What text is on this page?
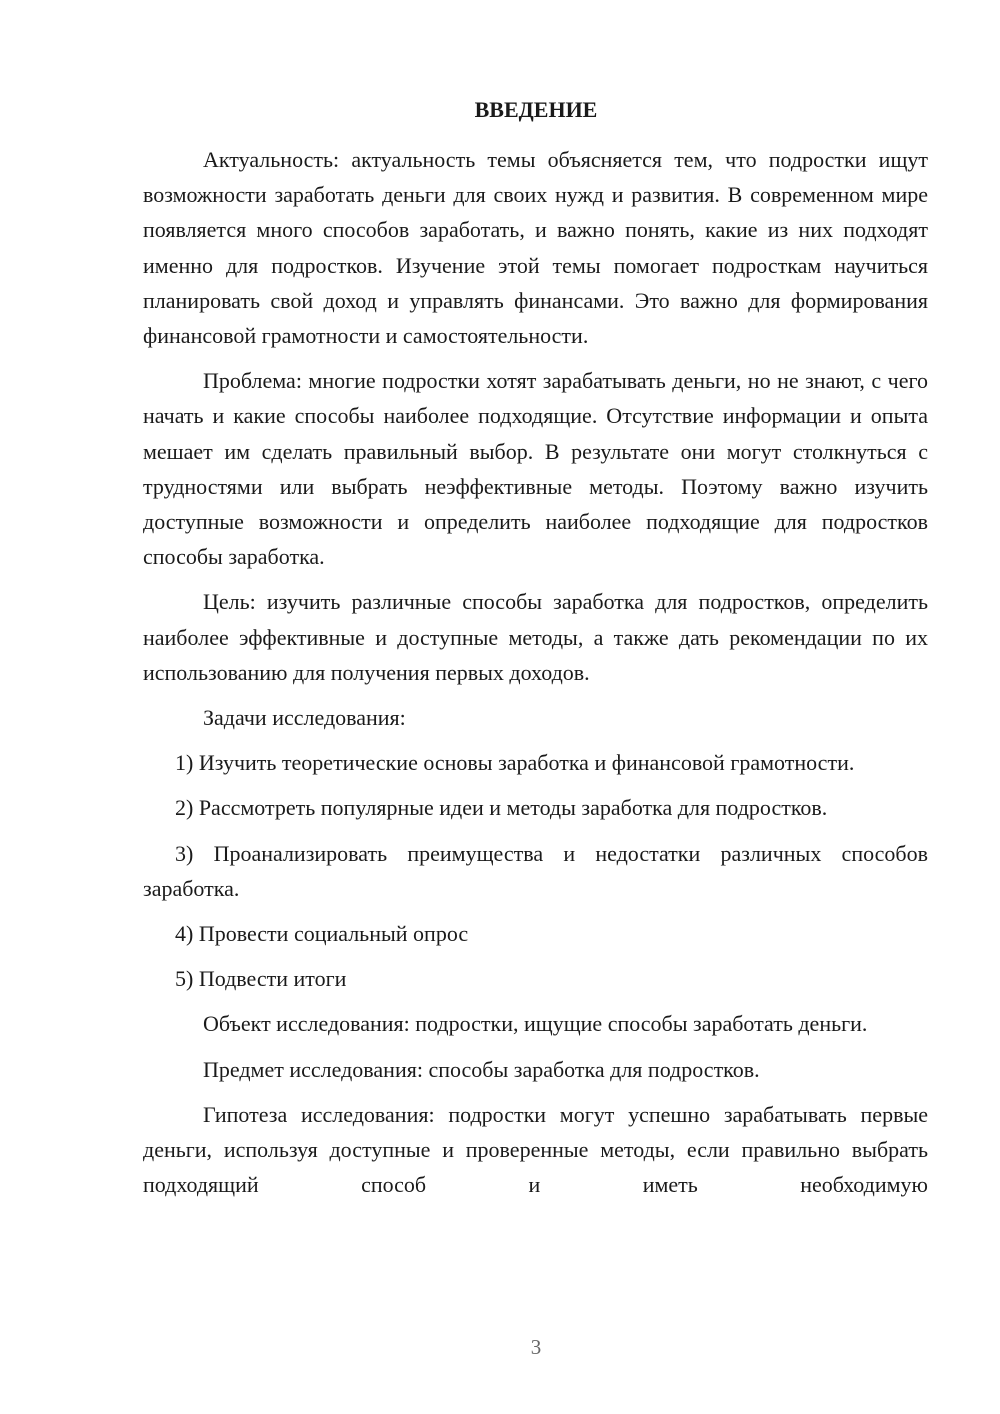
ВВЕДЕНИЕ

Актуальность: актуальность темы объясняется тем, что подростки ищут возможности заработать деньги для своих нужд и развития. В современном мире появляется много способов заработать, и важно понять, какие из них подходят именно для подростков. Изучение этой темы помогает подросткам научиться планировать свой доход и управлять финансами. Это важно для формирования финансовой грамотности и самостоятельности.

Проблема: многие подростки хотят зарабатывать деньги, но не знают, с чего начать и какие способы наиболее подходящие. Отсутствие информации и опыта мешает им сделать правильный выбор. В результате они могут столкнуться с трудностями или выбрать неэффективные методы. Поэтому важно изучить доступные возможности и определить наиболее подходящие для подростков способы заработка.

Цель: изучить различные способы заработка для подростков, определить наиболее эффективные и доступные методы, а также дать рекомендации по их использованию для получения первых доходов.

Задачи исследования:

1) Изучить теоретические основы заработка и финансовой грамотности.

2) Рассмотреть популярные идеи и методы заработка для подростков.

3) Проанализировать преимущества и недостатки различных способов заработка.

4) Провести социальный опрос

5) Подвести итоги

Объект исследования: подростки, ищущие способы заработать деньги.

Предмет исследования: способы заработка для подростков.

Гипотеза исследования: подростки могут успешно зарабатывать первые деньги, используя доступные и проверенные методы, если правильно выбрать подходящий способ и иметь необходимую

3
